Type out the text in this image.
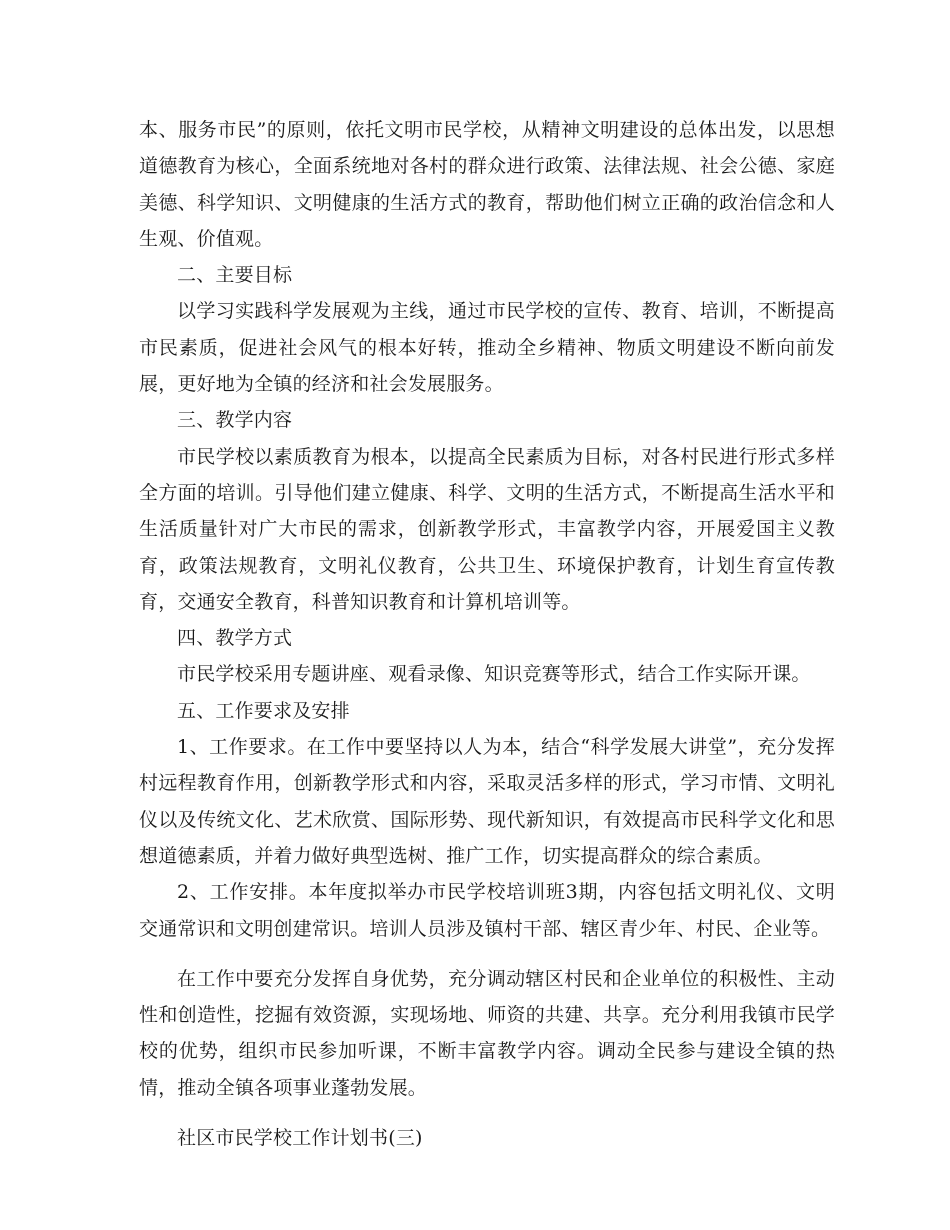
本、服务市民”的原则，依托文明市民学校，从精神文明建设的总体出发，以思想道德教育为核心，全面系统地对各村的群众进行政策、法律法规、社会公德、家庭美德、科学知识、文明健康的生活方式的教育，帮助他们树立正确的政治信念和人生观、价值观。

二、主要目标

以学习实践科学发展观为主线，通过市民学校的宣传、教育、培训，不断提高市民素质，促进社会风气的根本好转，推动全乡精神、物质文明建设不断向前发展，更好地为全镇的经济和社会发展服务。

三、教学内容

市民学校以素质教育为根本，以提高全民素质为目标，对各村民进行形式多样全方面的培训。引导他们建立健康、科学、文明的生活方式，不断提高生活水平和生活质量针对广大市民的需求，创新教学形式，丰富教学内容，开展爱国主义教育，政策法规教育，文明礼仪教育，公共卫生、环境保护教育，计划生育宣传教育，交通安全教育，科普知识教育和计算机培训等。

四、教学方式

市民学校采用专题讲座、观看录像、知识竞赛等形式，结合工作实际开课。

五、工作要求及安排

1、工作要求。在工作中要坚持以人为本，结合“科学发展大讲堂”，充分发挥村远程教育作用，创新教学形式和内容，采取灵活多样的形式，学习市情、文明礼仪以及传统文化、艺术欣赏、国际形势、现代新知识，有效提高市民科学文化和思想道德素质，并着力做好典型选树、推广工作，切实提高群众的综合素质。

2、工作安排。本年度拟举办市民学校培训班3期，内容包括文明礼仪、文明交通常识和文明创建常识。培训人员涉及镇村干部、辖区青少年、村民、企业等。

在工作中要充分发挥自身优势，充分调动辖区村民和企业单位的积极性、主动性和创造性，挖掘有效资源，实现场地、师资的共建、共享。充分利用我镇市民学校的优势，组织市民参加听课，不断丰富教学内容。调动全民参与建设全镇的热情，推动全镇各项事业蓬勃发展。

社区市民学校工作计划书(三)
